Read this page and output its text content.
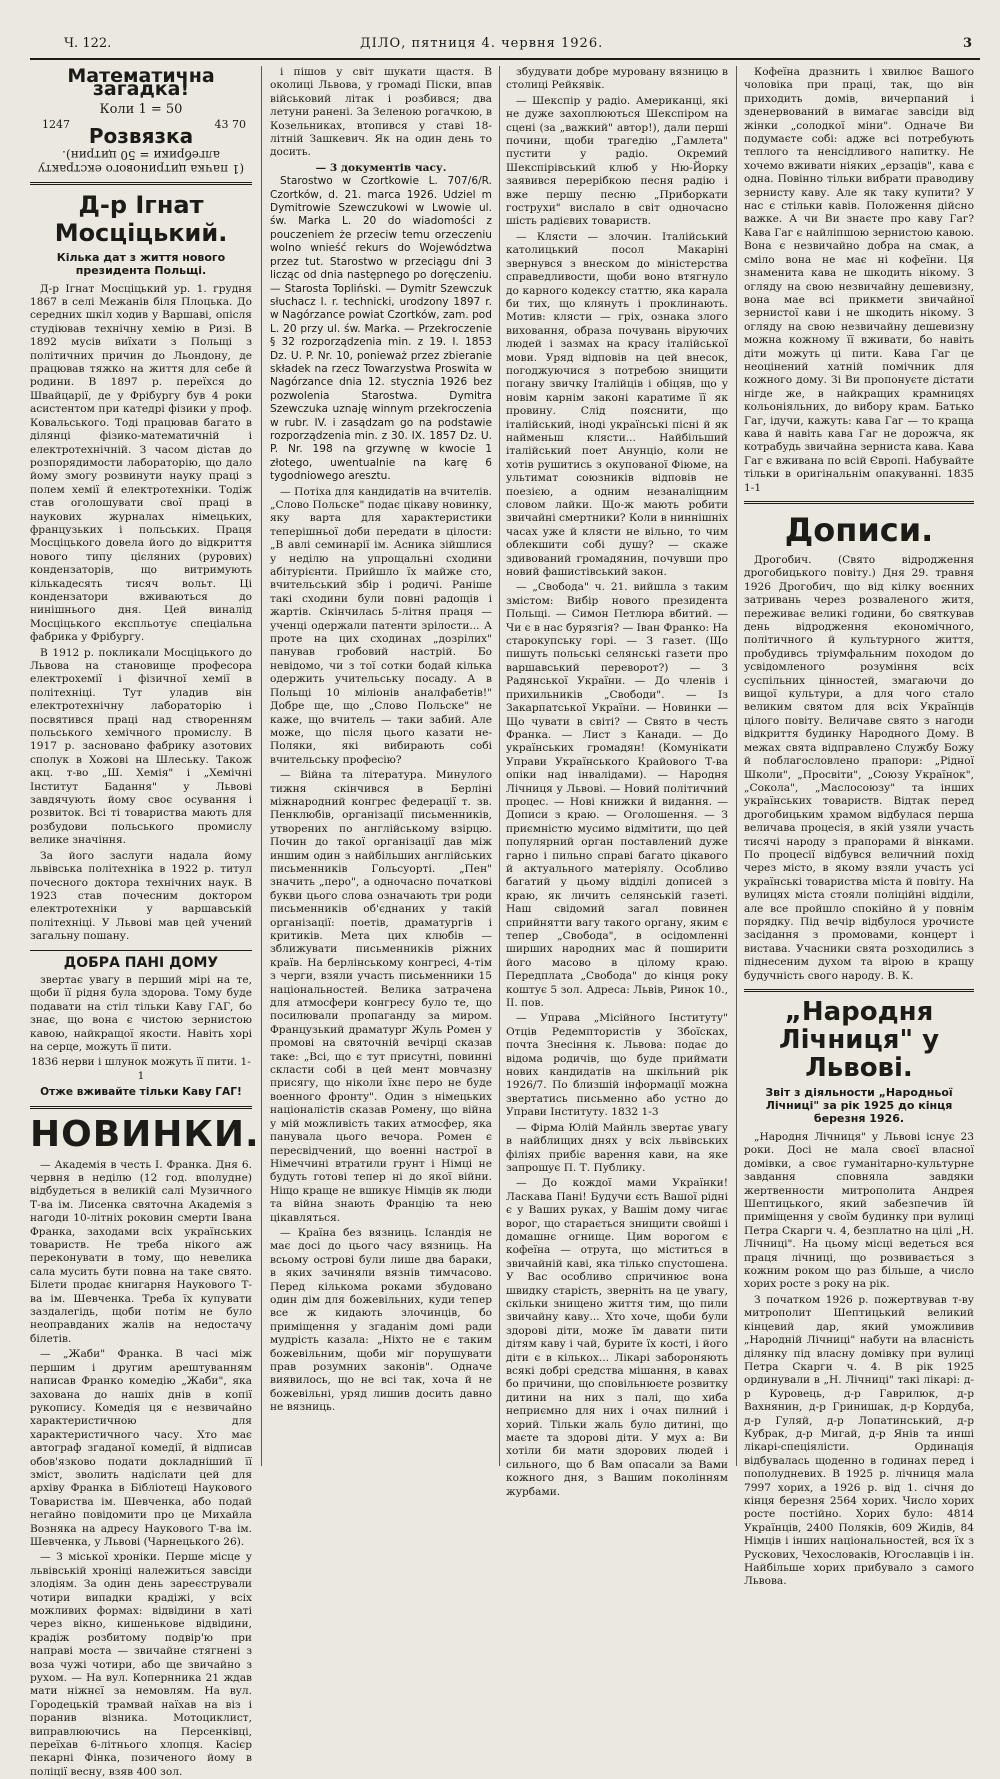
Ч. 122.	ДІЛО, пятниця 4. червня 1926.	3
Математична загадка!
Коли 1 = 50
1247	43 70
Розвязка
(1 пачка цитринового екстракту алгебрики = 50 цитрин).
Д-р Ігнат Мосціцький.
Кілька дат з життя нового президента Польщі.

Д-р Ігнат Мосціцький ур. 1. грудня 1867 в селі Межанів біля Плоцька. До середних шкіл ходив у Варшаві, опісля студіював технічну хемію в Ризі. В 1892 мусів виїхати з Польщі з політичних причин до Льондону, де працював тяжко на життя для себе й родини. В 1897 р. переїхся до Швайцарії, де у Фрібургу був 4 роки асистентом при катедрі фізики у проф. Ковальського. Тоді працював багато в ділянці фізико-математичній і електротехнічній. З часом дістав до розпорядимости лабораторію, що дало йому змогу розвинути науку праці з полем хемії й електротехніки. Тодіж став оголошувати свої праці в наукових журналах німецьких, французьких і польських. Праця Мосціцького довела його до відкриття нового типу цієляних (рурових) кондензаторів, що витримують кількадесять тисяч вольт. Ці кондензатори вживаються до нинішнього дня. Цей виналід Мосціцького експльотує спеціальна фабрика у Фрібургу.

В 1912 р. покликали Мосціцького до Львова на становище професора електрохемії і фізичної хемії в політехніці. Тут уладив він електротехнічну лабораторію і посвятився праці над створенням польського хемічного промислу. В 1917 р. засновано фабрику азотових сполук в Хожові на Шлеську. Також акц. т-во „Ш. Хемія" і „Хемічні Інститут Бадання" у Львові завдячують йому своє осування і розвиток. Всі ті товариства мають для розбудови польського промислу велике значіння.

За його заслуги надала йому львівська політехніка в 1922 р. титул почесного доктора технічних наук. В 1923 став почесним доктором електротехніки у варшавській політехніці. У Львові мав цей учений загальну пошану.

ДОБРА ПАНІ ДОМУ

звертає увагу в перший мірі на те, щоби її рідня була здорова. Тому буде подавати на стіл тільки Каву ГАГ, бо знає, що вона є чистою зернистою кавою, найкращої якости. Навіть хорі на серце, можуть її пити.

1836 нерви і шлунок можуть її пити. 1-1
Отже вживайте тільки Каву ГАГ!
НОВИНКИ.

— Академія в честь І. Франка. Дня 6. червня в неділю (12 год. вполудне) відбудеться в великій салі Музичного Т-ва ім. Лисенка святочна Академія з нагоди 10-літніх роковин смерти Івана Франка, заходами всіх українських товариств. Не треба нікого аж переконувати в тому, що невелика сала мусить бути повна на таке свято. Білети продає книгарня Наукового Т-ва ім. Шевченка. Треба їх купувати заздалегідь, щоби потім не було неоправданих жалів на недостачу білетів.

— „Жаби" Франка. В часі між першим і другим арештуванням написав Франко комедію „Жаби", яка захована до нашіх днів в копії рукопису. Комедія ця є незвичайно характеристичною для характеристичного часу. Хто має автограф згаданої комедії, й відписав обов'язково подати докладніший її зміст, зволить надіслати цей для архіву Франка в Бібліотеці Наукового Товариства ім. Шевченка, або подай негайно повідомити про це Михайла Возняка на адресу Наукового Т-ва ім. Шевченка, у Львові (Чарнецького 26).

— З міської хроніки. Перше місце у львівській хроніці належиться завсіди злодіям. За один день зареєстрували чотири випадки крадіжі, у всіх можливих формах: відвідини в хаті через вікно, кишенькове відвідини, крадіж розбитому подвір'ю при направі моста — звичайне стягнені з воза чужі чотири, або ще звичайно з рухом. — На вул. Копернника 21 ждав мати ніжнєї за немовлям. На вул. Городецькій трамвай наїхав на віз і поранив візника. Мотоциклист, виправлюючись на Персенківці, переїхав 6-літнього хлопця. Касієр пекарні Фінка, позиченого йому в поліції весну, взяв 400 зол.

і пішов у світ шукати щастя. В околиці Львова, у громаді Піски, впав військовий літак і розбився; два летуни ранені. За Зеленою рогачкою, в Козельниках, втопився у ставі 18-літній Зашкевич. Як на один день то досить.

— 3 документів часу.

Starostwo w Czortkowie L. 707/6/R. Czortków, d. 21. marca 1926. Udziel m Dymitrowie Szewczukowi w Lwowie ul. św. Marka L. 20 do wiadomości z pouczeniem że przeciw temu orzeczeniu wolno wnieść rekurs do Województwa przez tut. Starostwo w przeciągu dni 3 licząc od dnia następnego po doręczeniu. — Starosta Topliński. — Dymitr Szewczuk słuchacz I. r. technicki, urodzony 1897 r. w Nagórzance powiat Czortków, zam. pod L. 20 przy ul. św. Marka. — Przekroczenie § 32 rozporządzenia min. z 19. I. 1853 Dz. U. P. Nr. 10, ponieważ przez zbieranie składek na rzecz Towarzystwa Proswita w Nagórzance dnia 12. stycznia 1926 bez pozwolenia Starostwa. Dymitra Szewczuka uznaję winnym przekroczenia w rubr. IV. i zasądzam go na podstawie rozporządzenia min. z 30. IX. 1857 Dz. U. P. Nr. 198 na grzywnę w kwocie 1 złotego, uwentualnie na karę 6 tygodniowego aresztu.

— Потіха для кандидатів на вчителів. „Слово Польске" подає цікаву новинку, яку варта для характеристики теперішньої доби передати в цілости: „В авлі семинарії ім. Асника зійшлися у неділю на упрощальні сходини абітурієнти. Прийшло їх майже сто, вчительський збір і родичі. Раніше такі сходини були повні радощів і жартів. Скінчилась 5-літня праця — ученці одержали патенти зрілости... А проте на цих сходинах „дозрілих" панував гробовий настрій. Бо невідомо, чи з тої сотки бодай кілька одержить учительську посаду. А в Польщі 10 міліонів аналфабетів!" Добре ще, що „Слово Польске" не каже, що вчитель — таки забий. Але може, що після цього казати не-Поляки, які вибирають собі вчительську професію?

— Війна та література. Минулого тижня скінчився в Берліні міжнародний конгрес федерації т. зв. Пенклюбів, організації письменників, утворених по англійському взірцю. Почин до такої організації дав між иншим один з найбільших англійських письменників Гольсуорті. „Пен" значить „перо", а одночасно початкові букви цього слова означають три роди письменників об'єднаних у такій організації: поетів, драматургів і критиків. Мета цих клюбів — зближувати письменників ріжних країв. На берлінському конгресі, 4-тім з черги, взяли участь письменники 15 національностей. Велика затрачена для атмосфери конгресу було те, що посилювали пропаганду за миром. Французький драматург Жуль Ромен у промові на святочній вечірці сказав таке: „Всі, що є тут присутні, повинні скласти собі в цей мент мовчазну присягу, що ніколи їхнє перо не буде военного фронту". Один з німецьких націоналістів сказав Ромену, що війна у мій можливість таких атмосфер, яка панувала цього вечора. Ромен є пересвідчений, що военні настрої в Німеччині втратили грунт і Німці не будуть готові тепер ні до якої війни. Ніщо краще не вшикує Німців як люди та війна знають Францію та нею цікавляться.

— Країна без вязниць. Ісландія не має досі до цього часу вязниць. На всьому острові були лише два бараки, в яких зачиняли вязнів тимчасово. Перед кількома роками збудовано один дім для божевільних, куди тепер все ж кидають злочинців, бо приміщення у згаданім домі ради мудрість казала: „Ніхто не є таким божевільним, щоби міг порушувати прав розумних законів". Одначе виявилось, що не всі так, хоча й не божевільні, уряд лишив досить давно не вязниць.

збудувати добре муровану вязницю в столиці Рейкявік.

— Шекспір у радіо. Американці, які не дуже захоплюються Шекспіром на сцені (за „важкий" автор!), дали перші почини, щоби трагедію „Гамлета" пустити у радіо. Окремий Шекспірівський клюб у Ню-Йорку заявився перерібкою песня радію і вже першу песню „Приборкати гострухи" вислало в світ одночасно шість радієвих товариств.

— Клясти — злочин. Італійський католицький посол Макаріні звернувся з внеском до міністерства справедливости, щоби воно втягнуло до карного кодексу статтю, яка карала би тих, що клянуть і проклинають. Мотив: клясти — гріх, ознака злого виховання, образа почувань віруючих людей і зазмах на красу італійської мови. Уряд відповів на цей внесок, погоджуючися з потребою знищити погану звичку Італійців і обіцяв, що у новім карнім законі каратиме її як провину. Слід пояснити, що італійський, іноді українські пісні й як найменьш клясти... Найбільший італійський поет Анунціо, коли не хотів рушитись з окупованої Фіюме, на ультимат союзників відповів не поезією, а одним незаналіщним словом лайки. Що-ж мають робити звичайні смертники? Коли в ниннішніх часах уже й клясти не вільно, то чим облекшити собі душу? — скаже здивований громадянин, почувши про новий фашистівський закон.

— „Свобода" ч. 21. вийшла з таким змістом: Вибір нового президента Польщі. — Симон Петлюра вбитий. — Чи є в нас бурязгія? — Іван Франко: На старокупську горі. — З газет. (Що пишуть польські селянські газети про варшавський переворот?) — З Радянської України. — До членів і прихильників „Свободи". — Із Закарпатської України. — Новинки — Що чувати в світі? — Свято в честь Франка. — Лист з Канади. — До українських громадян! (Комунікати Управи Українського Крайового Т-ва опіки над інвалідами). — Народня Лічниця у Львові. — Новий політичний процес. — Нові книжки й видання. — Дописи з краю. — Оголошення. — З приємністю мусимо відмітити, що цей популярний орган поставлений дуже гарно і пильно справі багато цікавого й актуального матеріялу. Особливо багатий у цьому відділі дописей з краю, як личить селянській газеті. Наш свідомий загал повинен сприйнятти вагу такого органу, яким є тепер „Свобода", в осідомленні ширших народних мас й поширити його масово в цілому краю. Передплата „Свобода" до кінця року коштує 5 зол. Адреса: Львів, Ринок 10., II. пов.

— Управа „Місійного Інституту" Отців Редемптористів у Збоїсках, почта Знесіння к. Львова: подає до відома родичів, що буде приймати нових кандидатів на шкільний рік 1926/7. По близшій інформації можна звертатись письменно або устно до Управи Інституту. 1832 1-3

— Фірма Юлій Майнль звертає увагу в найблищих днях у всіх львівських філіях прибіє варення кави, на яке запрошує П. Т. Публику.

— До кождої мами Українки! Ласкава Пані! Будучи єсть Вашої рідні є у Ваших руках, у Вашім дому чигає ворог, що старається знищити свойші і домашнє огнище. Цим ворогом є кофеїна — отрута, що міститься в звичайній каві, яка тілько спустошена. У Вас особливо спричинює вона швидку старість, зверніть на це увагу, скільки знищено життя тим, що пили звичайну каву... Хто хоче, щоби були здорові діти, може їм давати пити дітям каву і чай, бурите їх кості, і його діти є в кількох... Лікарі забороняють всякі добрі средства мішання, в кавах бо причини, що сповільнюєте розвитку дитини на них з палі, що хиба неприємно для них і очах пилний і хорий. Тільки жаль було дитині, що маєте та здорові діти. У мух а: Ви хотіли би мати здорових людей і сильного, що б Вам опасали за Вами кожного дня, з Вашим поколінням журбами.

Кофеїна дразнить і хвилює Вашого чоловіка при праці, так, що він приходить домів, вичерпаний і зденервований в вимагає завсіди від жінки „солодкої міни". Одначе Ви подумаєте собі: адже всі потребують теплого та ненсідливого напитку. Не хочемо вживати ніяких „ерзаців", кава є одна. Повінно тільки вибрати праводиву зернисту каву. Але як таку купити? У нас є стільки кавів. Положення дійсно важке. А чи Ви знаєте про каву Гаг? Кава Гаг є найліпшою зернистою кавою. Вона є незвичайно добра на смак, а сміло вона не має ні кофеїни. Ця знаменита кава не шкодить нікому. З огляду на свою незвичайну дешевизну, вона мае всі прикмети звичайної зернистої кави і не шкодить нікому. З огляду на свою незвичайну дешевизну можна кожному її вживати, бо навіть діти можуть ці пити. Кава Гаг це неоцінений хатній помічник для кожного дому. Зі Ви пропонуєте дістати нігде же, в найкращих крамницях кольоніяльних, до вибору крам. Батько Гаг, ідучи, кажуть: кава Гаг — то краща кава й навіть кава Гаг не дорожча, як котрабудь звичайна зерниста кава. Кава Гаг є вживана по всій Європі. Набувайте тільки в оригінальнім опакуванні. 1835 1-1

Дописи.

Дрогобич. (Свято відродження дрогобицького повіту.) Дня 29. травня 1926 Дрогобич, що від кілку воєнних затривань через розваленого житя, переживає великі години, бо святкував день відродження економічного, політичного й культурного життя, пробудивсь тріумфальним походом до усвідомленого розуміння всіх суспільних цінностей, змагаючи до вищої культури, а для чого стало великим святом для всіх Українців цілого повіту. Величаве свято з нагоди відкриття будинку Народного Дому. В межах свята відправлено Службу Божу й поблагословлено прапори: „Рідної Школи", „Просвіти", „Союзу Українок", „Сокола", „Маслосоюзу" та інших українських товариств. Відтак перед дрогобицьким храмом відбулася перша величава процесія, в якій узяли участь тисячі народу з прапорами й вінками. По процесії відбувся величний похід через місто, в якому взяли участь усі українські товариства міста й повіту. На вулицях міста стояли поліційні відділи, але все пройшло спокійно й у повнім порядку. Під вечір відбулося урочисте засідання з промовами, концерт і вистава. Учасники свята розходились з піднесеним духом та вірою в кращу будучність свого народу. В. К.

„Народня Лічниця" у Львові.
Звіт з діяльности „Народньої Лічниці" за рік 1925 до кінця березня 1926.

„Народня Лічниця" у Львові існує 23 роки. Досі не мала своєї власної домівки, а своє гуманітарно-культурне завдання сповняла завдяки жертвенности митрополита Андрея Шептицького, який забезпечив їй приміщення у своїм будинку при вулиці Петра Скарги ч. 4, безплатно на цілі „Н. Лічниці". На цьому місці ведеться вся праця лічниці, що розвивається з кожним роком що раз більше, а число хорих росте з року на рік.

З початком 1926 р. пожертвував т-ву митрополит Шептицький великий кінцевий дар, який уможливив „Народній Лічниці" набути на власність ділянку під власну домівку при вулиці Петра Скарги ч. 4. В рік 1925 ординували в „Н. Лічниці" такі лікарі: д-р Куровець, д-р Гаврилюк, д-р Вахнянин, д-р Гринишак, д-р Кордуба, д-р Гуляй, д-р Лопатинський, д-р Кубрак, д-р Мигай, д-р Янів та инші лікарі-спеціялісти. Ординація відбувалась щоденно в годинах перед і пополудневих. В 1925 р. лічниця мала 7997 хорих, а 1926 р. від 1. січня до кінця березня 2564 хорих. Число хорих росте постійно. Хорих було: 4814 Українців, 2400 Поляків, 609 Жидів, 84 Німців і інших національностей, вся їх з Рускових, Чехословаків, Югославців і ін. Найбільше хорих прибувало з самого Львова.
